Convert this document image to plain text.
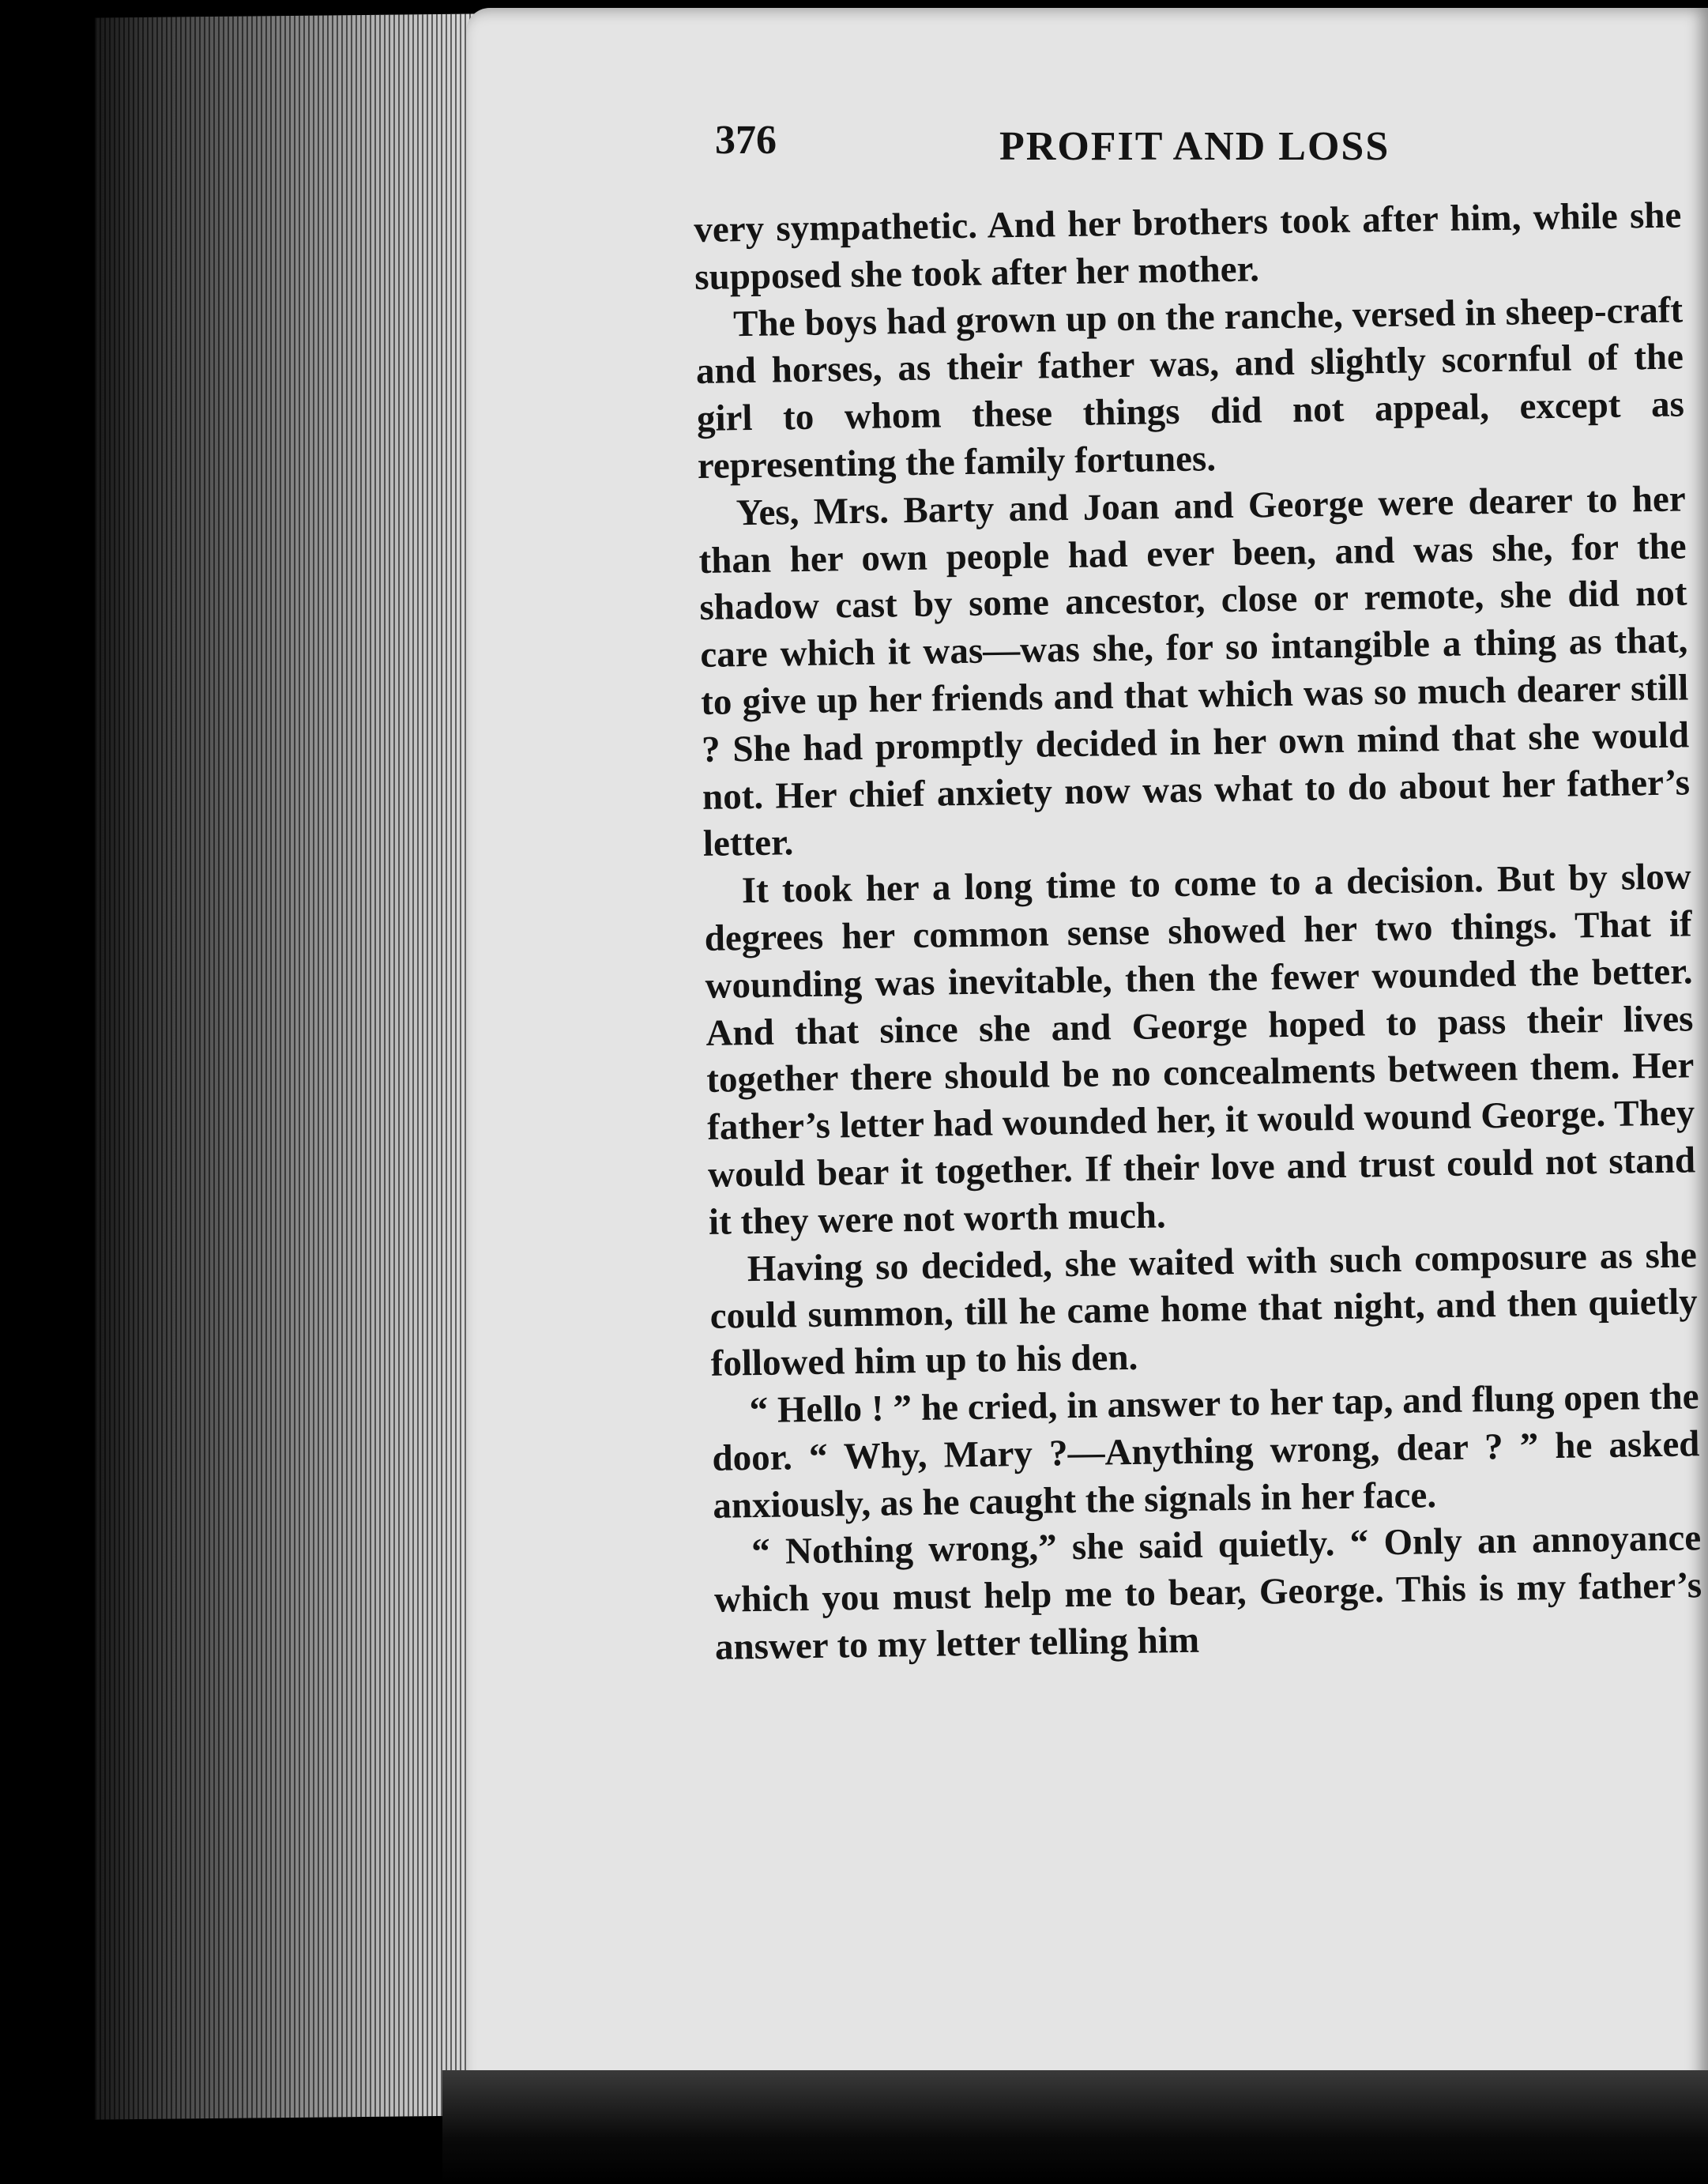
376	PROFIT AND LOSS

very sympathetic. And her brothers took after him, while she supposed she took after her mother.

The boys had grown up on the ranche, versed in sheep-craft and horses, as their father was, and slightly scornful of the girl to whom these things did not appeal, except as representing the family fortunes.

Yes, Mrs. Barty and Joan and George were dearer to her than her own people had ever been, and was she, for the shadow cast by some ancestor, close or remote, she did not care which it was—was she, for so intangible a thing as that, to give up her friends and that which was so much dearer still ? She had promptly decided in her own mind that she would not. Her chief anxiety now was what to do about her father’s letter.

It took her a long time to come to a decision. But by slow degrees her common sense showed her two things. That if wounding was inevitable, then the fewer wounded the better. And that since she and George hoped to pass their lives together there should be no concealments between them. Her father’s letter had wounded her, it would wound George. They would bear it together. If their love and trust could not stand it they were not worth much.

Having so decided, she waited with such composure as she could summon, till he came home that night, and then quietly followed him up to his den.

“ Hello ! ” he cried, in answer to her tap, and flung open the door. “ Why, Mary ?—Anything wrong, dear ? ” he asked anxiously, as he caught the signals in her face.

“ Nothing wrong,” she said quietly. “ Only an annoyance which you must help me to bear, George. This is my father’s answer to my letter telling him
